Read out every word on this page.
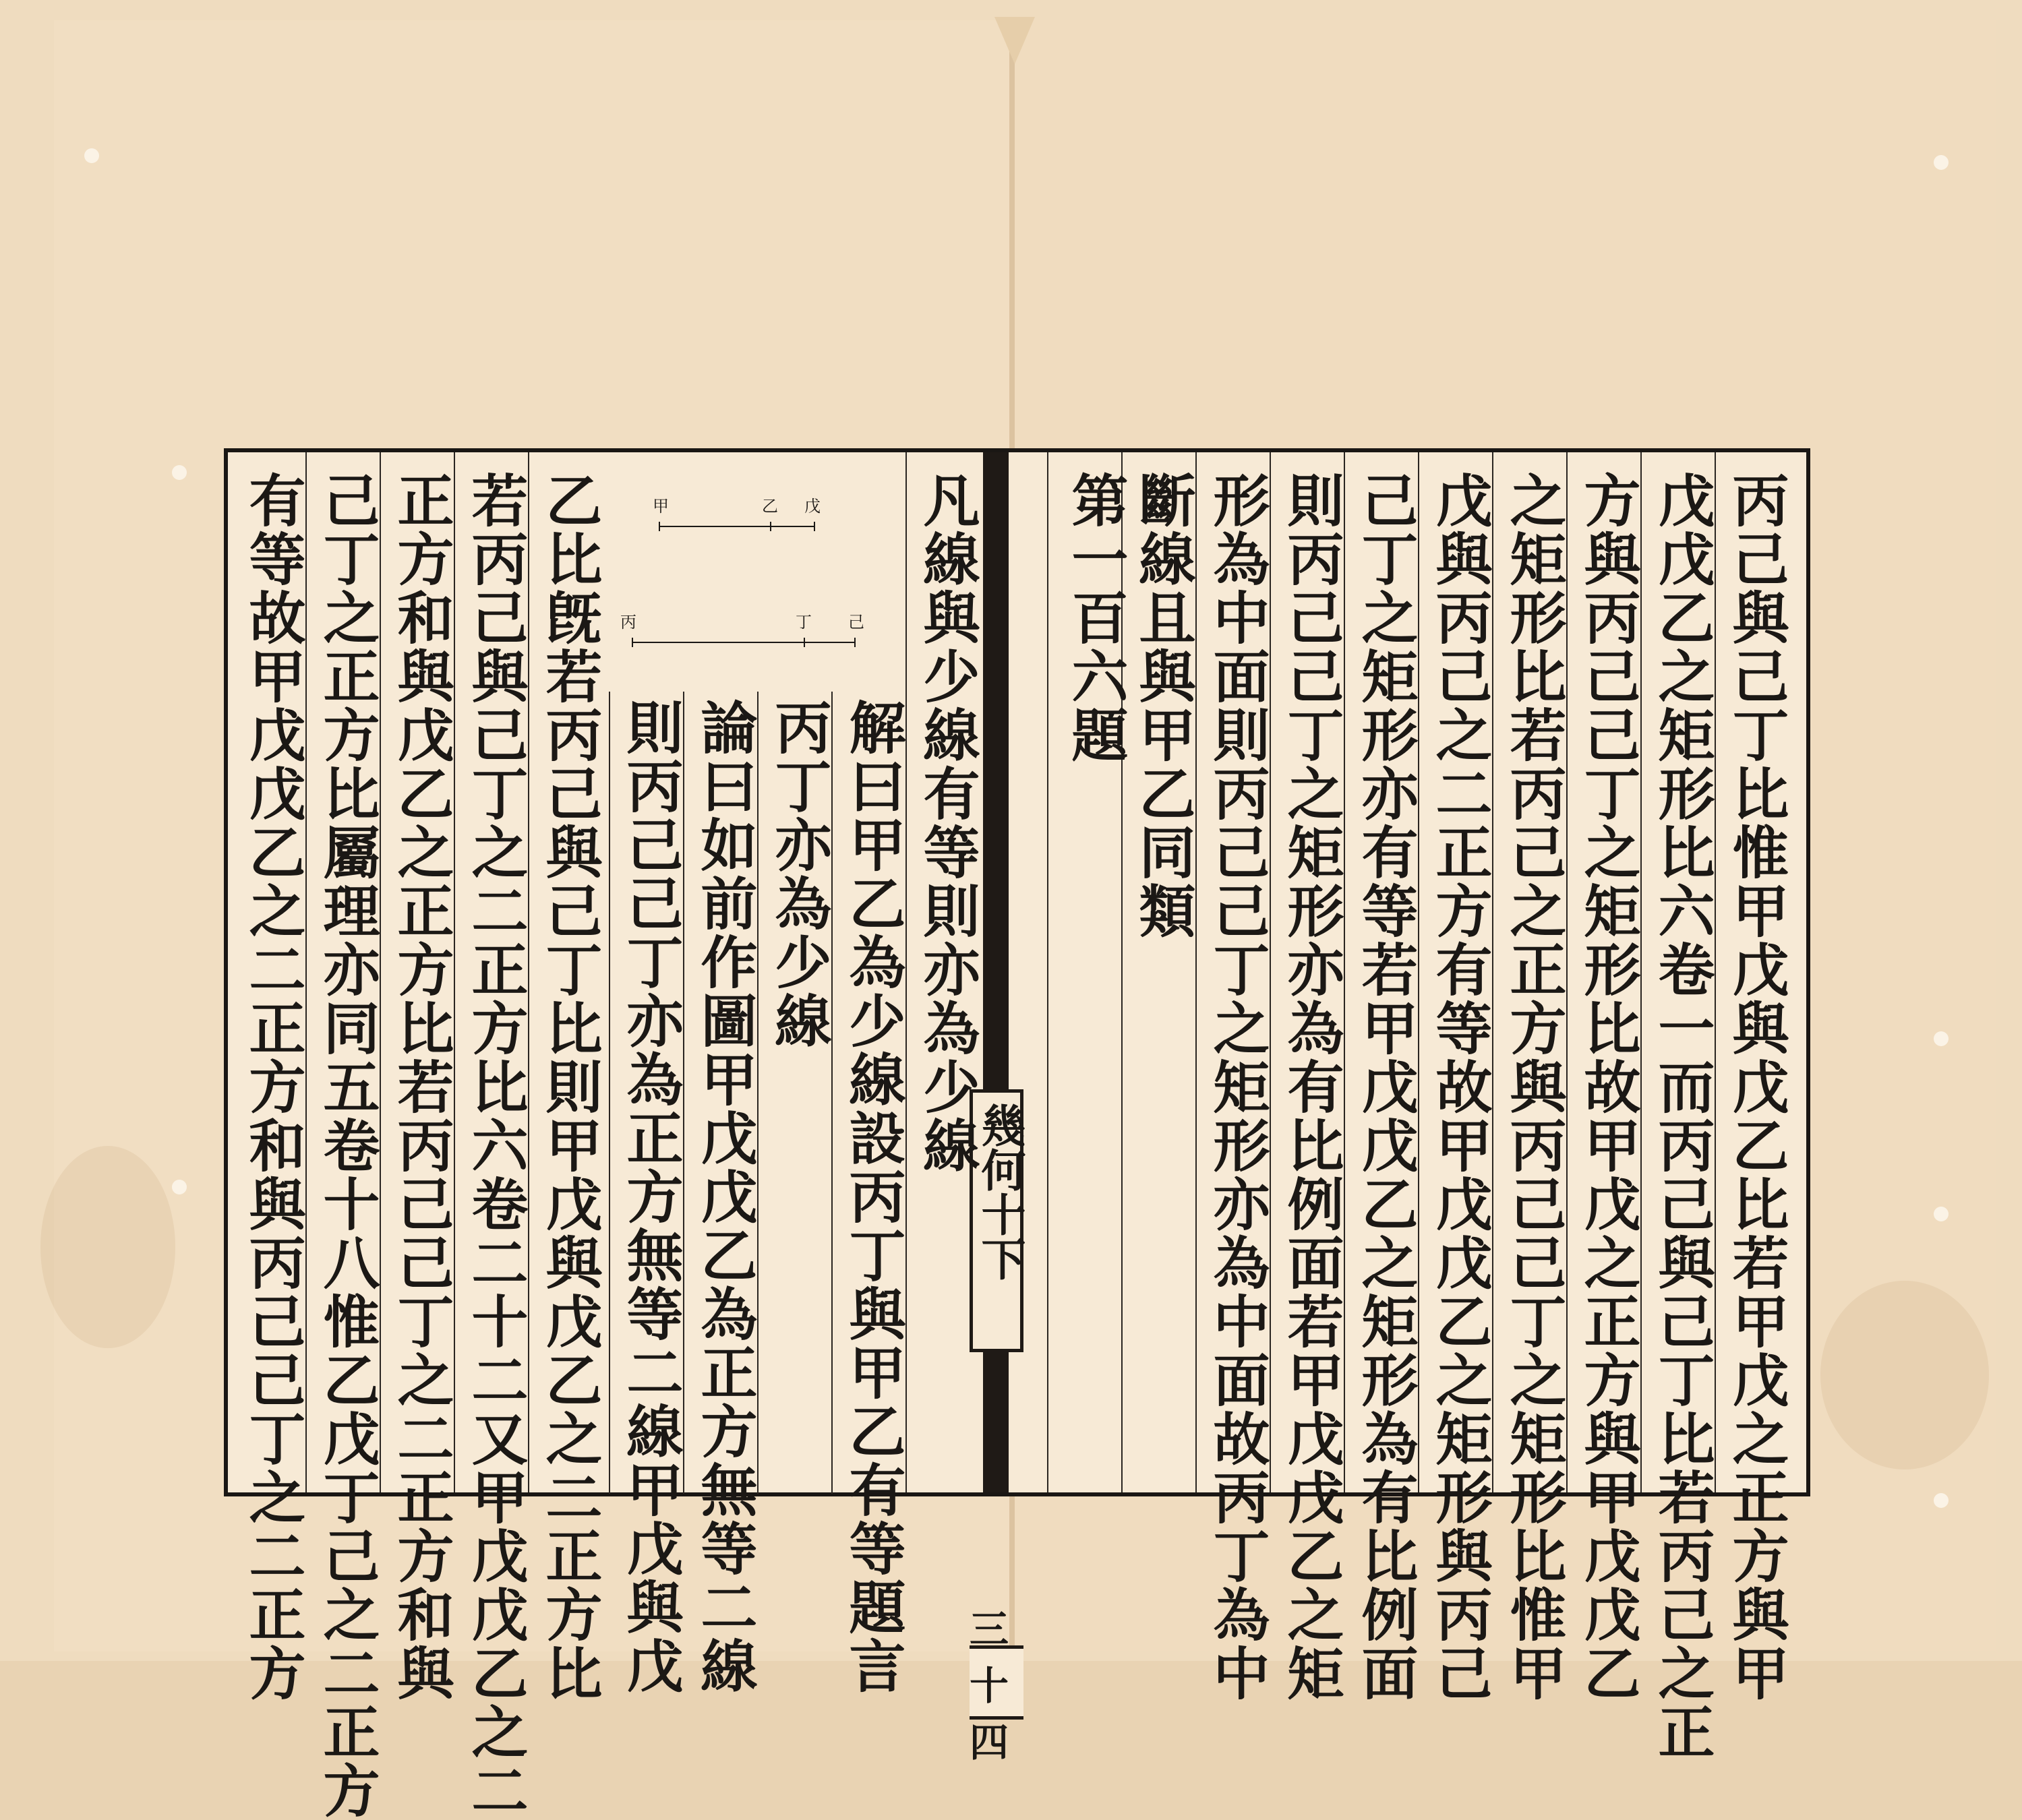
丙己與己丁比惟甲戊與戊乙比若甲戊之正方與甲
戊戊乙之矩形比六卷一而丙己與己丁比若丙己之正
方與丙己己丁之矩形比故甲戊之正方與甲戊戊乙
之矩形比若丙己之正方與丙己己丁之矩形比惟甲
戊與丙己之二正方有等故甲戊戊乙之矩形與丙己
己丁之矩形亦有等若甲戊戊乙之矩形為有比例面
則丙己己丁之矩形亦為有比例面若甲戊戊乙之矩
形為中面則丙己己丁之矩形亦為中面故丙丁為中
斷線且與甲乙同類
第一百六題
幾何十下
十四
凡線與少線有等則亦為少線
甲	乙 戊
丙	丁 己
解曰甲乙為少線設丙丁與甲乙有等題言
丙丁亦為少線
論曰如前作圖甲戊戊乙為正方無等二線
則丙己己丁亦為正方無等二線甲戊與戊
乙比旣若丙己與己丁比則甲戊與戊乙之二正方比
若丙己與己丁之二正方比六卷二十二又甲戊戊乙之二
正方和與戊乙之正方比若丙己己丁之二正方和與
己丁之正方比屬理亦同五卷十八惟乙戊丁己之二正方
有等故甲戊戊乙之二正方和與丙己己丁之二正方
